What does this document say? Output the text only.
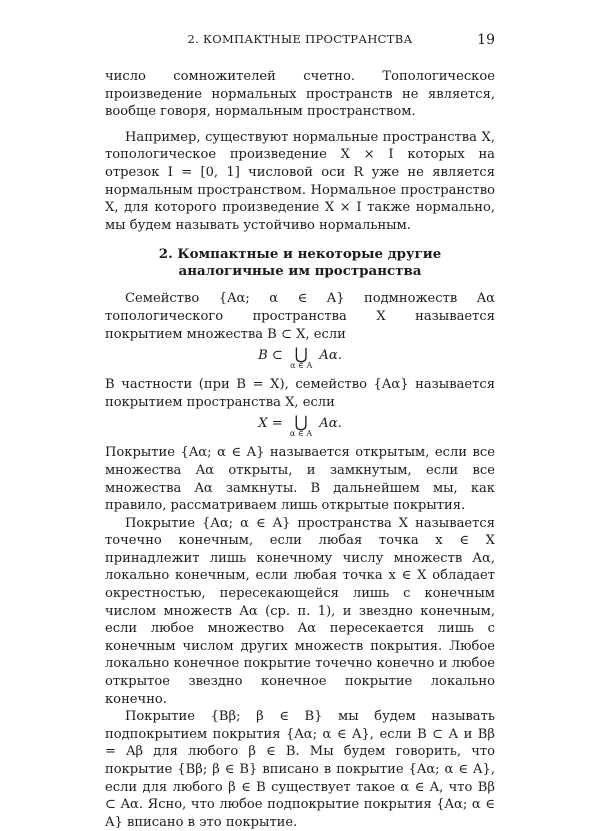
2. КОМПАКТНЫЕ ПРОСТРАНСТВА	19

число сомножителей счетно. Топологическое произведение нормальных пространств не является, вообще говоря, нормальным пространством.

Например, существуют нормальные пространства X, топологическое произведение X × I которых на отрезок I = [0, 1] числовой оси R уже не является нормальным пространством. Нормальное пространство X, для которого произведение X × I также нормально, мы будем называть устойчиво нормальным.

2. Компактные и некоторые другие аналогичные им пространства

Семейство {Aα; α ∈ A} подмножеств Aα топологического пространства X называется покрытием множества B ⊂ X, если

B ⊂ ⋃
α ∈ A
Aα.

В частности (при B = X), семейство {Aα} называется покрытием пространства X, если

X = ⋃
α ∈ A
Aα.

Покрытие {Aα; α ∈ A} называется открытым, если все множества Aα открыты, и замкнутым, если все множества Aα замкнуты. В дальнейшем мы, как правило, рассматриваем лишь открытые покрытия.

Покрытие {Aα; α ∈ A} пространства X называется точечно конечным, если любая точка x ∈ X принадлежит лишь конечному числу множеств Aα, локально конечным, если любая точка x ∈ X обладает окрестностью, пересекающейся лишь с конечным числом множеств Aα (ср. п. 1), и звездно конечным, если любое множество Aα пересекается лишь с конечным числом других множеств покрытия. Любое локально конечное покрытие точечно конечно и любое открытое звездно конечное покрытие локально конечно.

Покрытие {Bβ; β ∈ B} мы будем называть подпокрытием покрытия {Aα; α ∈ A}, если B ⊂ A и Bβ = Aβ для любого β ∈ B. Мы будем говорить, что покрытие {Bβ; β ∈ B} вписано в покрытие {Aα; α ∈ A}, если для любого β ∈ B существует такое α ∈ A, что Bβ ⊂ Aα. Ясно, что любое подпокрытие покрытия {Aα; α ∈ A} вписано в это покрытие.
